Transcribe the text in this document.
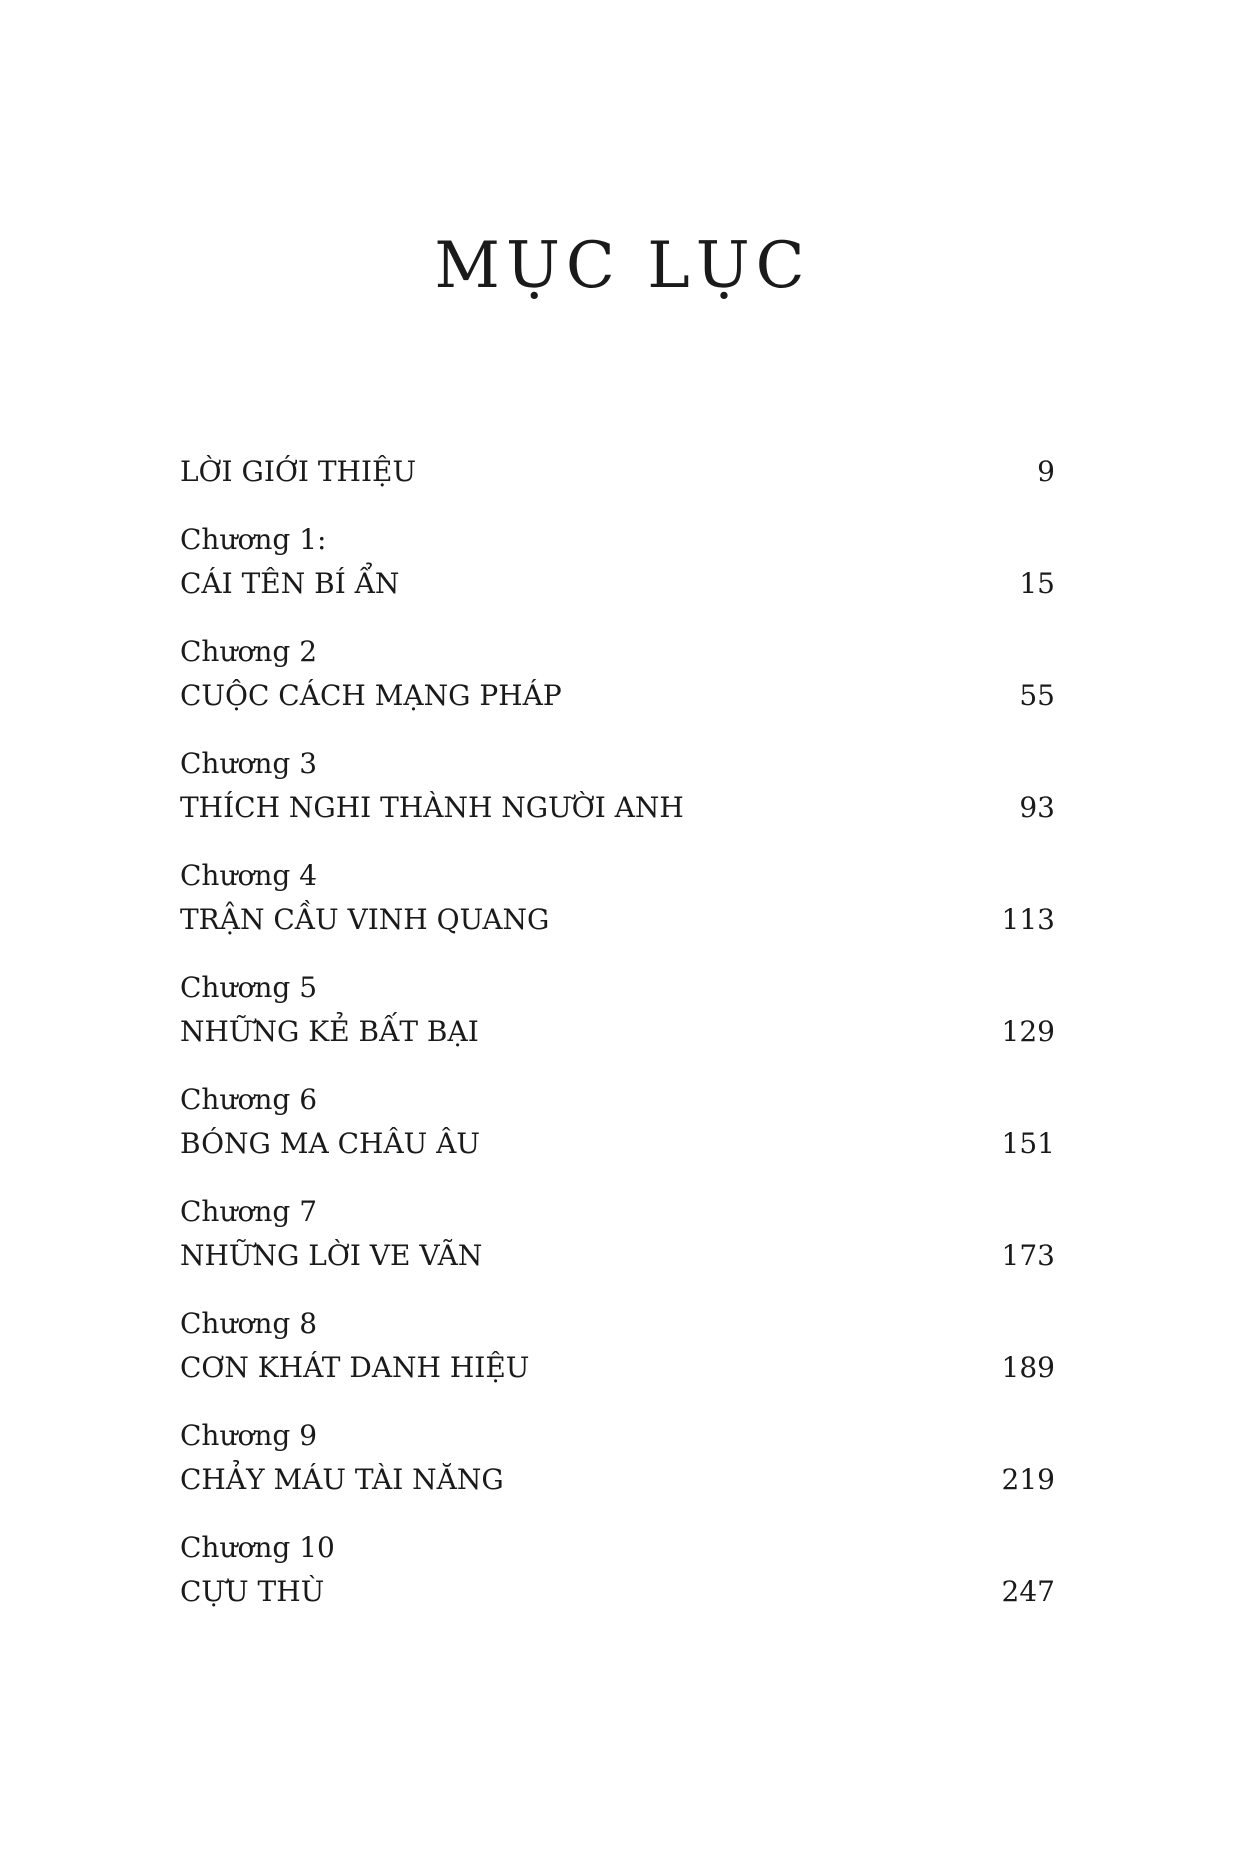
MỤC LỤC
LỜI GIỚI THIỆU	9
Chương 1:
CÁI TÊN BÍ ẨN	15
Chương 2
CUỘC CÁCH MẠNG PHÁP	55
Chương 3
THÍCH NGHI THÀNH NGƯỜI ANH	93
Chương 4
TRẬN CẦU VINH QUANG	113
Chương 5
NHỮNG KẺ BẤT BẠI	129
Chương 6
BÓNG MA CHÂU ÂU	151
Chương 7
NHỮNG LỜI VE VÃN	173
Chương 8
CƠN KHÁT DANH HIỆU	189
Chương 9
CHẢY MÁU TÀI NĂNG	219
Chương 10
CỰU THÙ	247
